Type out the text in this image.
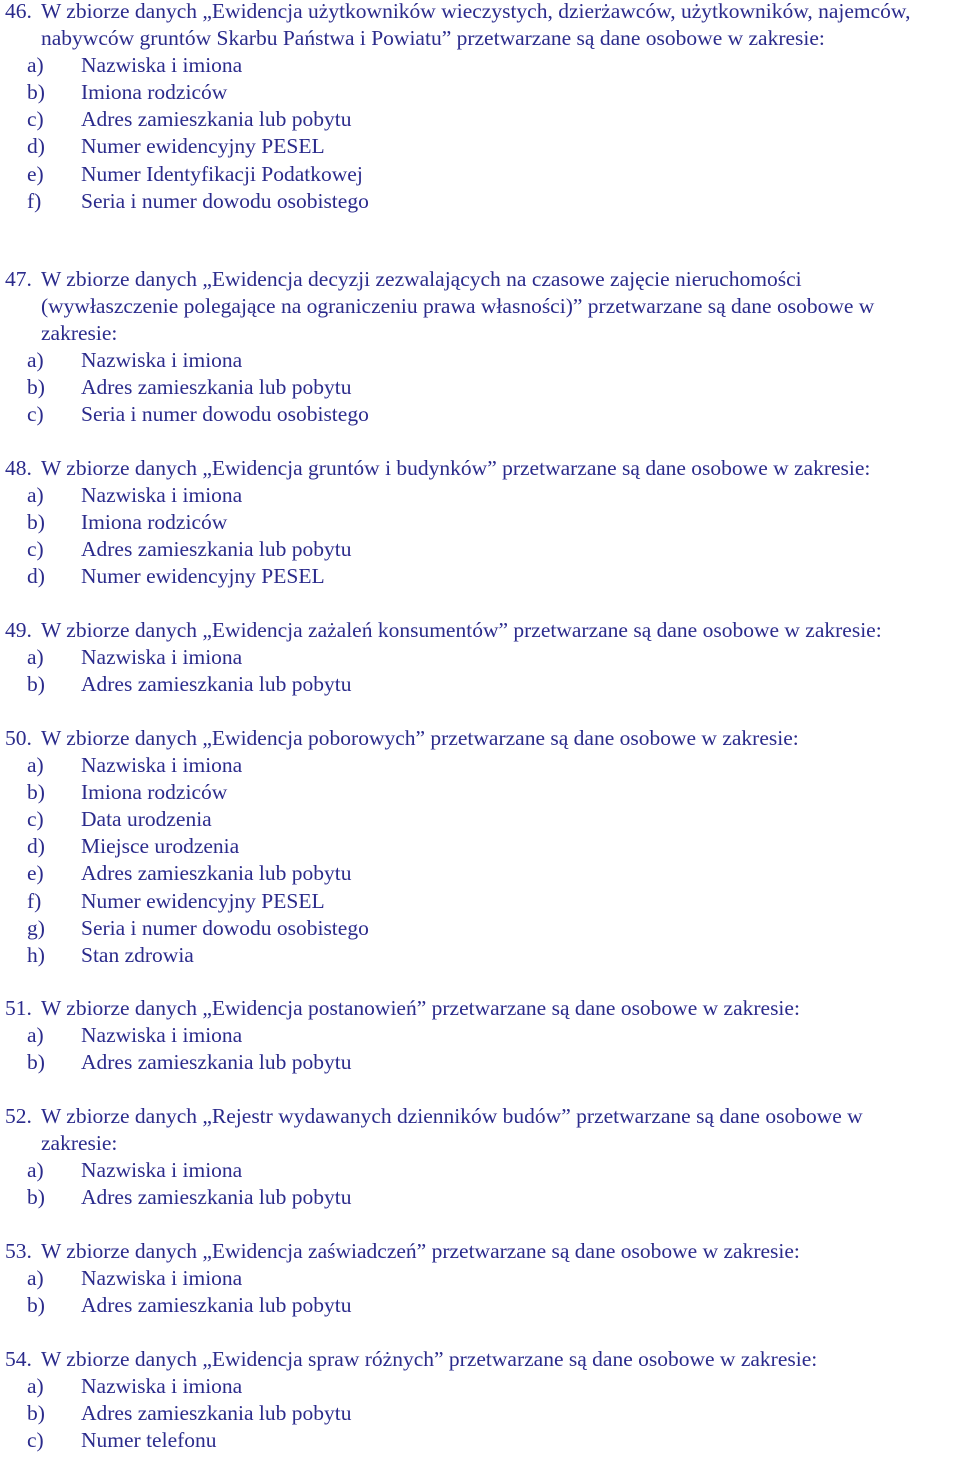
46. W zbiorze danych „Ewidencja użytkowników wieczystych, dzierżawców, użytkowników, najemców, nabywców gruntów Skarbu Państwa i Powiatu” przetwarzane są dane osobowe w zakresie:
a) Nazwiska i imiona
b) Imiona rodziców
c) Adres zamieszkania lub pobytu
d) Numer ewidencyjny PESEL
e) Numer Identyfikacji Podatkowej
f) Seria i numer dowodu osobistego
47. W zbiorze danych „Ewidencja decyzji zezwalających na czasowe zajęcie nieruchomości (wywłaszczenie polegające na ograniczeniu prawa własności)” przetwarzane są dane osobowe w zakresie:
a) Nazwiska i imiona
b) Adres zamieszkania lub pobytu
c) Seria i numer dowodu osobistego
48. W zbiorze danych „Ewidencja gruntów i budynków” przetwarzane są dane osobowe w zakresie:
a) Nazwiska i imiona
b) Imiona rodziców
c) Adres zamieszkania lub pobytu
d) Numer ewidencyjny PESEL
49. W zbiorze danych „Ewidencja zażaleń konsumentów” przetwarzane są dane osobowe w zakresie:
a) Nazwiska i imiona
b) Adres zamieszkania lub pobytu
50. W zbiorze danych „Ewidencja poborowych” przetwarzane są dane osobowe w zakresie:
a) Nazwiska i imiona
b) Imiona rodziców
c) Data urodzenia
d) Miejsce urodzenia
e) Adres zamieszkania lub pobytu
f) Numer ewidencyjny PESEL
g) Seria i numer dowodu osobistego
h) Stan zdrowia
51. W zbiorze danych „Ewidencja postanowień” przetwarzane są dane osobowe w zakresie:
a) Nazwiska i imiona
b) Adres zamieszkania lub pobytu
52. W zbiorze danych „Rejestr wydawanych dzienników budów” przetwarzane są dane osobowe w zakresie:
a) Nazwiska i imiona
b) Adres zamieszkania lub pobytu
53. W zbiorze danych „Ewidencja zaświadczeń” przetwarzane są dane osobowe w zakresie:
a) Nazwiska i imiona
b) Adres zamieszkania lub pobytu
54. W zbiorze danych „Ewidencja spraw różnych” przetwarzane są dane osobowe w zakresie:
a) Nazwiska i imiona
b) Adres zamieszkania lub pobytu
c) Numer telefonu
